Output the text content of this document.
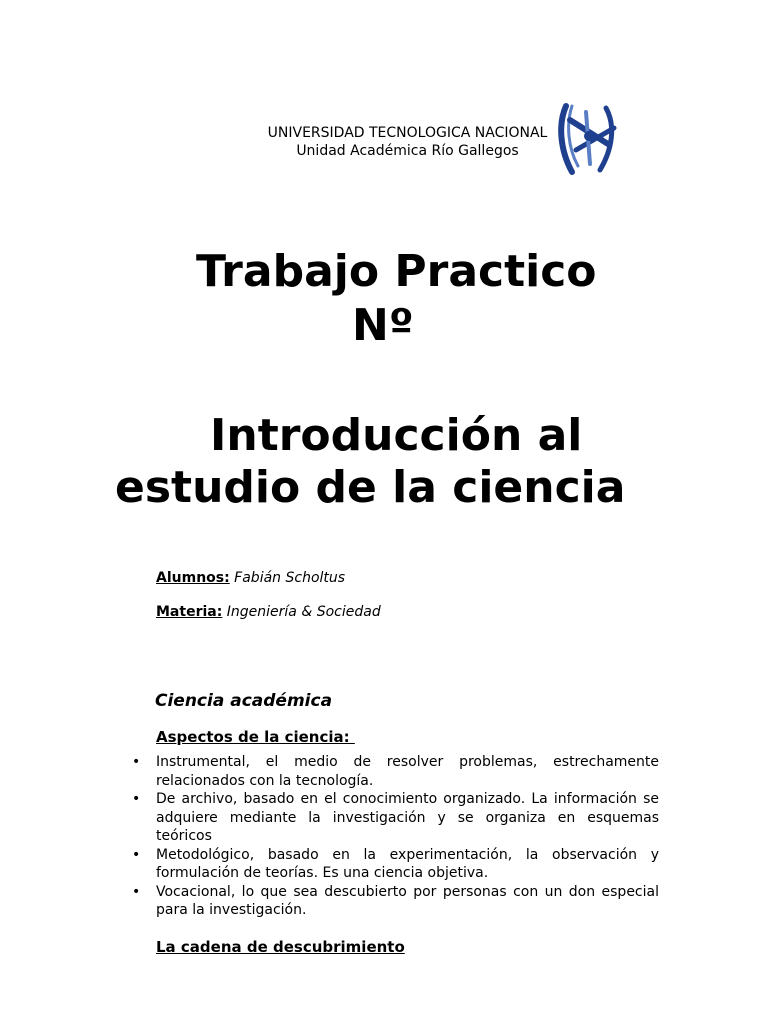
UNIVERSIDAD TECNOLOGICA NACIONAL
Unidad Académica Río Gallegos
Trabajo Practico
Nº
Introducción al
estudio de la ciencia
Alumnos: Fabián Scholtus
Materia: Ingeniería & Sociedad
Ciencia académica
Aspectos de la ciencia:
• Instrumental, el medio de resolver problemas, estrechamente relacionados con la tecnología.
• De archivo, basado en el conocimiento organizado. La información se adquiere mediante la investigación y se organiza en esquemas teóricos
• Metodológico, basado en la experimentación, la observación y formulación de teorías. Es una ciencia objetiva.
• Vocacional, lo que sea descubierto por personas con un don especial para la investigación.
La cadena de descubrimiento
